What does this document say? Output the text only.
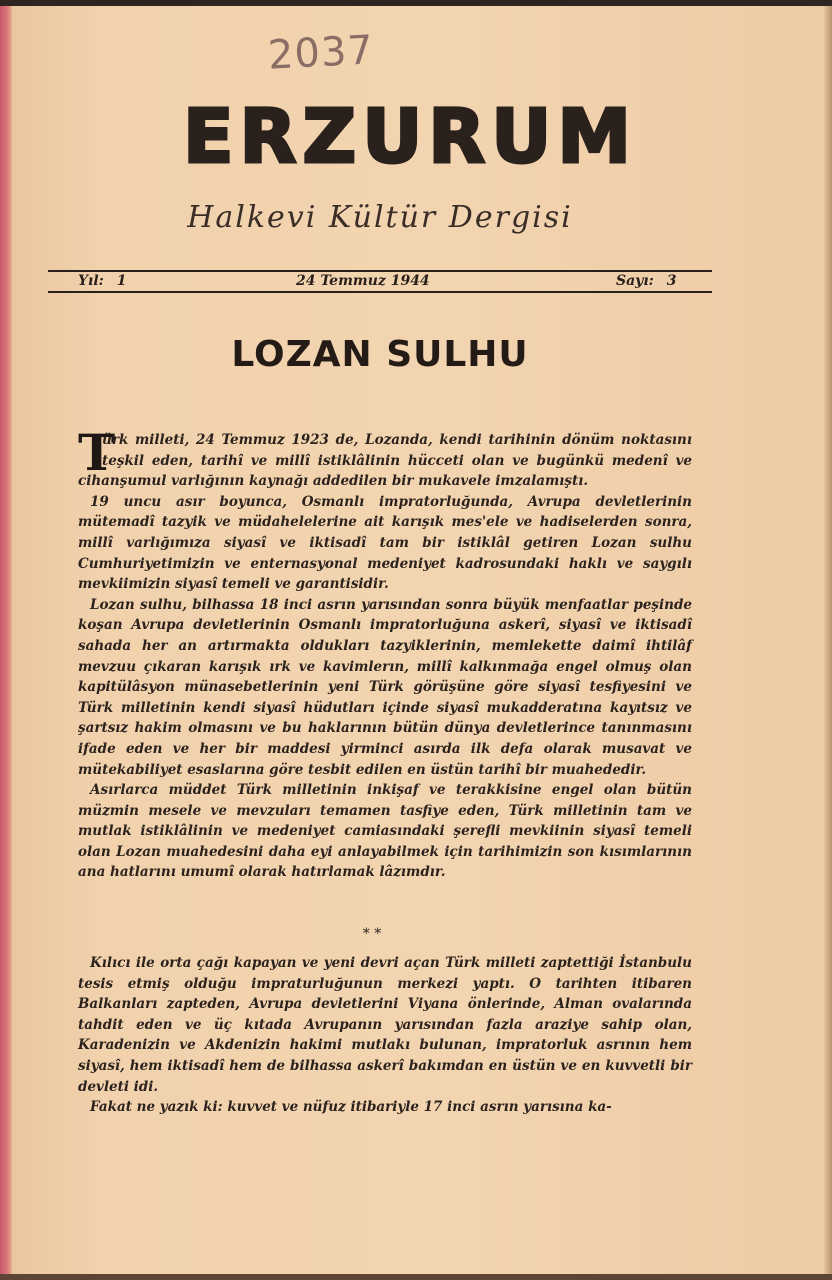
2037
ERZURUM
Halkevi Kültür Dergisi
Yıl: 1	24 Temmuz 1944	Sayı: 3
LOZAN SULHU

T
ürk milleti, 24 Temmuz 1923 de, Lozanda, kendi tarihinin dönüm noktasını teşkil eden, tarihî ve millî istiklâlinin hücceti olan ve bugünkü medenî ve cihanşumul varlığının kaynağı addedilen bir mukavele imzalamıştı.

19 uncu asır boyunca, Osmanlı impratorluğunda, Avrupa devletlerinin mütemadî tazyik ve müdahelelerine ait karışık mes'ele ve hadiselerden sonra, millî varlığımıza siyasî ve iktisadî tam bir istiklâl getiren Lozan sulhu Cumhuriyetimizin ve enternasyonal medeniyet kadrosundaki haklı ve saygılı mevkiimizin siyasî temeli ve garantisidir.

Lozan sulhu, bilhassa 18 inci asrın yarısından sonra büyük menfaatlar peşinde koşan Avrupa devletlerinin Osmanlı impratorluğuna askerî, siyasî ve iktisadî sahada her an artırmakta oldukları tazyiklerinin, memlekette daimî ihtilâf mevzuu çıkaran karışık ırk ve kavimlerın, millî kalkınmağa engel olmuş olan kapitülâsyon münasebetlerinin yeni Türk görüşüne göre siyasî tesfiyesini ve Türk milletinin kendi siyasî hüdutları içinde siyasî mukadderatına kayıtsız ve şartsız hakim olmasını ve bu haklarının bütün dünya devletlerince tanınmasını ifade eden ve her bir maddesi yirminci asırda ilk defa olarak musavat ve mütekabiliyet esaslarına göre tesbit edilen en üstün tarihî bir muahededir.

Asırlarca müddet Türk milletinin inkişaf ve terakkisine engel olan bütün müzmin mesele ve mevzuları temamen tasfiye eden, Türk milletinin tam ve mutlak istiklâlinin ve medeniyet camiasındaki şerefli mevkiinin siyasî temeli olan Lozan muahedesini daha eyi anlayabilmek için tarihimizin son kısımlarının ana hatlarını umumî olarak hatırlamak lâzımdır.

* *

Kılıcı ile orta çağı kapayan ve yeni devri açan Türk milleti zaptettiği İstanbulu tesis etmiş olduğu impraturluğunun merkezi yaptı. O tarihten itibaren Balkanları zapteden, Avrupa devletlerini Viyana önlerinde, Alman ovalarında tahdit eden ve üç kıtada Avrupanın yarısından fazla araziye sahip olan, Karadenizin ve Akdenizin hakimi mutlakı bulunan, impratorluk asrının hem siyasî, hem iktisadî hem de bilhassa askerî bakımdan en üstün ve en kuvvetli bir devleti idi.

Fakat ne yazık ki: kuvvet ve nüfuz itibariyle 17 inci asrın yarısına ka-
